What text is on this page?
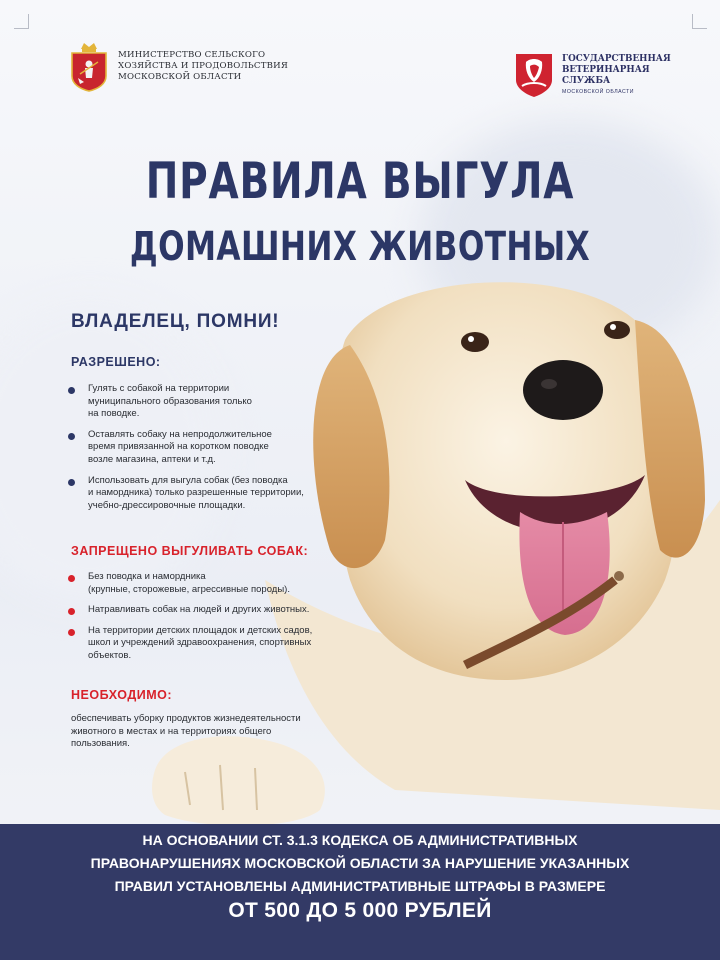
МИНИСТЕРСТВО СЕЛЬСКОГО
ХОЗЯЙСТВА И ПРОДОВОЛЬСТВИЯ
МОСКОВСКОЙ ОБЛАСТИ
ГОСУДАРСТВЕННАЯ
ВЕТЕРИНАРНАЯ
СЛУЖБА
МОСКОВСКОЙ ОБЛАСТИ
ПРАВИЛА ВЫГУЛА
ДОМАШНИХ ЖИВОТНЫХ
ВЛАДЕЛЕЦ, ПОМНИ!
РАЗРЕШЕНО:
Гулять с собакой на территории
муниципального образования только
на поводке.
Оставлять собаку на непродолжительное
время привязанной на коротком поводке
возле магазина, аптеки и т.д.
Использовать для выгула собак (без поводка
и намордника) только разрешенные территории,
учебно-дрессировочные площадки.
ЗАПРЕЩЕНО ВЫГУЛИВАТЬ СОБАК:
Без поводка и намордника
(крупные, сторожевые, агрессивные породы).
Натравливать собак на людей и других животных.
На территории детских площадок и детских садов,
школ и учреждений здравоохранения, спортивных
объектов.
НЕОБХОДИМО:
обеспечивать уборку продуктов жизнедеятельности
животного в местах и на территориях общего
пользования.
НА ОСНОВАНИИ СТ. 3.1.3 КОДЕКСА ОБ АДМИНИСТРАТИВНЫХ
ПРАВОНАРУШЕНИЯХ МОСКОВСКОЙ ОБЛАСТИ ЗА НАРУШЕНИЕ УКАЗАННЫХ
ПРАВИЛ УСТАНОВЛЕНЫ АДМИНИСТРАТИВНЫЕ ШТРАФЫ В РАЗМЕРЕ
ОТ 500 ДО 5 000 РУБЛЕЙ
